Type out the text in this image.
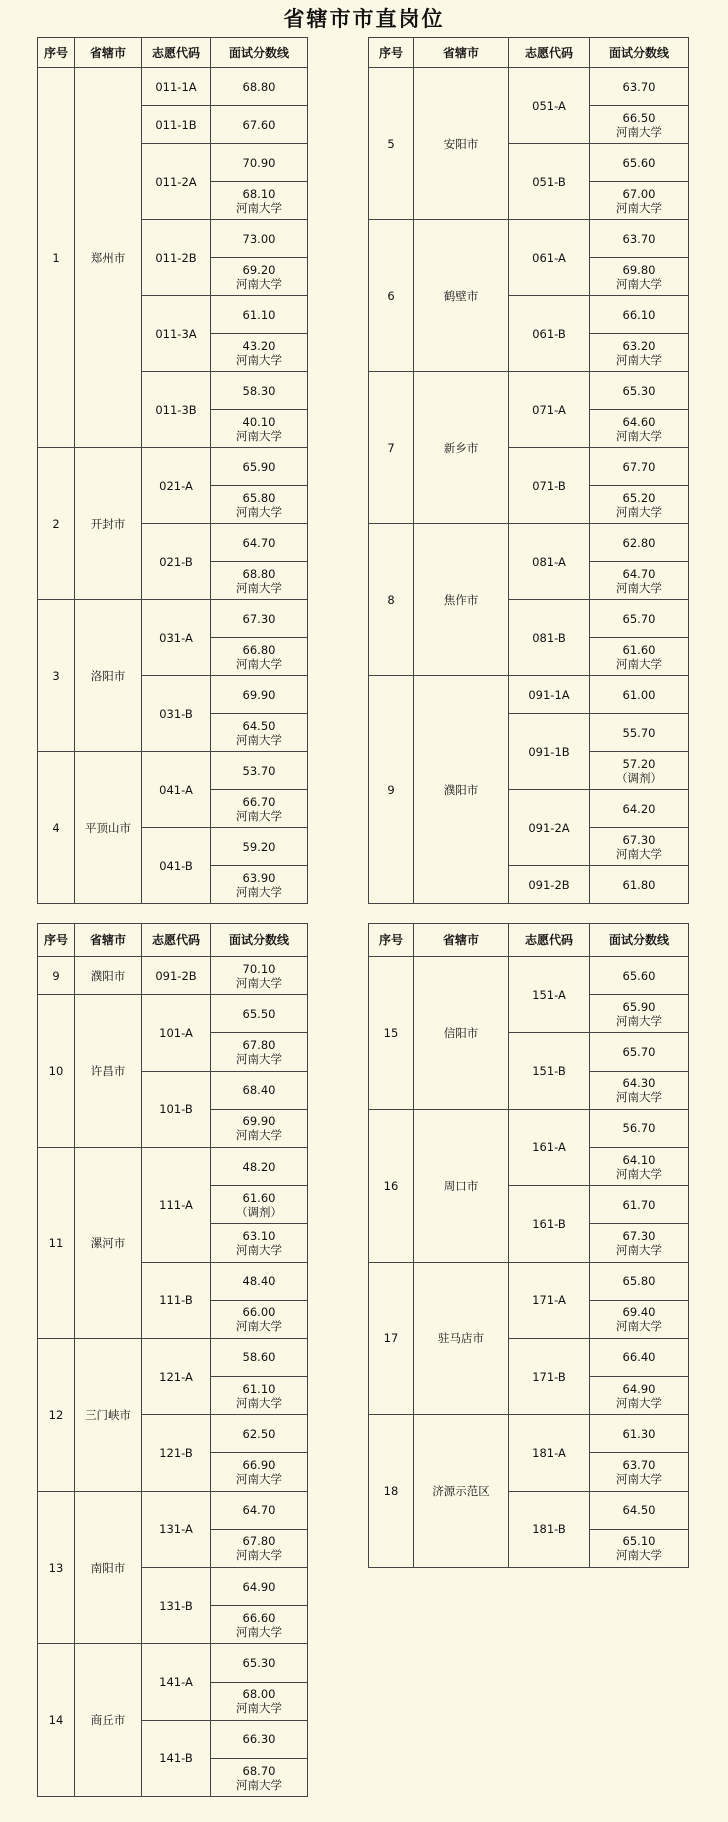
省辖市市直岗位
序号	省辖市	志愿代码	面试分数线
1	郑州市	011-1A	68.80

		011-1B	67.60

		011-2A	70.90

			68.10
河南大学

		011-2B	73.00

			69.20
河南大学

		011-3A	61.10

			43.20
河南大学

		011-3B	58.30

			40.10
河南大学

2	开封市	021-A	65.90

			65.80
河南大学

		021-B	64.70

			68.80
河南大学

3	洛阳市	031-A	67.30

			66.80
河南大学

		031-B	69.90

			64.50
河南大学

4	平顶山市	041-A	53.70

			66.70
河南大学

		041-B	59.20

			63.90
河南大学
序号	省辖市	志愿代码	面试分数线
5	安阳市	051-A	63.70

			66.50
河南大学

		051-B	65.60

			67.00
河南大学

6	鹤壁市	061-A	63.70

			69.80
河南大学

		061-B	66.10

			63.20
河南大学

7	新乡市	071-A	65.30

			64.60
河南大学

		071-B	67.70

			65.20
河南大学

8	焦作市	081-A	62.80

			64.70
河南大学

		081-B	65.70

			61.60
河南大学

9	濮阳市	091-1A	61.00

		091-1B	55.70

			57.20
（调剂）

		091-2A	64.20

			67.30
河南大学

		091-2B	61.80
序号	省辖市	志愿代码	面试分数线
9	濮阳市	091-2B	70.10
河南大学

10	许昌市	101-A	65.50

			67.80
河南大学

		101-B	68.40

			69.90
河南大学

11	漯河市	111-A	48.20

			61.60
（调剂）

			63.10
河南大学

		111-B	48.40

			66.00
河南大学

12	三门峡市	121-A	58.60

			61.10
河南大学

		121-B	62.50

			66.90
河南大学

13	南阳市	131-A	64.70

			67.80
河南大学

		131-B	64.90

			66.60
河南大学

14	商丘市	141-A	65.30

			68.00
河南大学

		141-B	66.30

			68.70
河南大学
序号	省辖市	志愿代码	面试分数线
15	信阳市	151-A	65.60

			65.90
河南大学

		151-B	65.70

			64.30
河南大学

16	周口市	161-A	56.70

			64.10
河南大学

		161-B	61.70

			67.30
河南大学

17	驻马店市	171-A	65.80

			69.40
河南大学

		171-B	66.40

			64.90
河南大学

18	济源示范区	181-A	61.30

			63.70
河南大学

		181-B	64.50

			65.10
河南大学
